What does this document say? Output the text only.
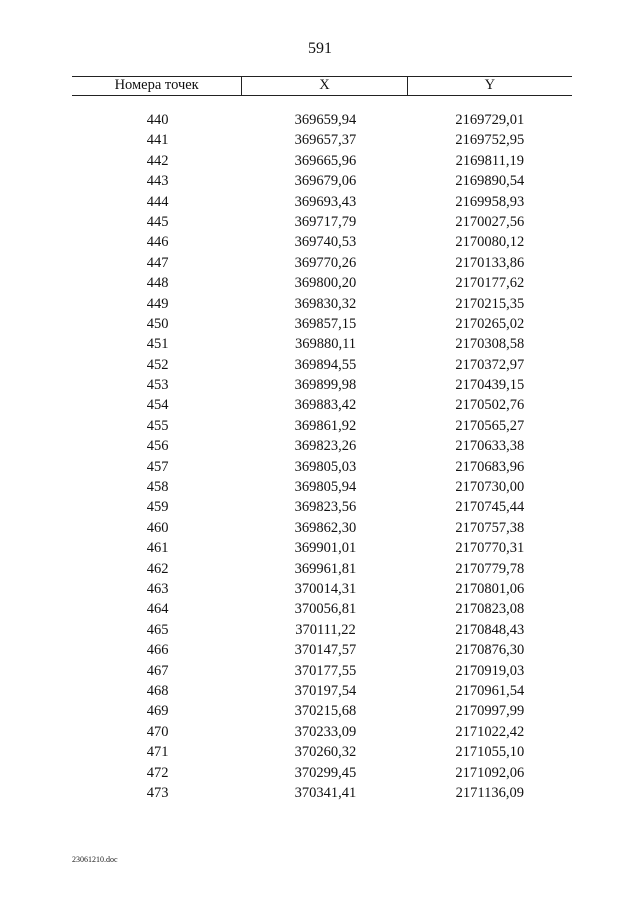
591
Номера точек	X	Y
440	369659,94	2169729,01
441	369657,37	2169752,95
442	369665,96	2169811,19
443	369679,06	2169890,54
444	369693,43	2169958,93
445	369717,79	2170027,56
446	369740,53	2170080,12
447	369770,26	2170133,86
448	369800,20	2170177,62
449	369830,32	2170215,35
450	369857,15	2170265,02
451	369880,11	2170308,58
452	369894,55	2170372,97
453	369899,98	2170439,15
454	369883,42	2170502,76
455	369861,92	2170565,27
456	369823,26	2170633,38
457	369805,03	2170683,96
458	369805,94	2170730,00
459	369823,56	2170745,44
460	369862,30	2170757,38
461	369901,01	2170770,31
462	369961,81	2170779,78
463	370014,31	2170801,06
464	370056,81	2170823,08
465	370111,22	2170848,43
466	370147,57	2170876,30
467	370177,55	2170919,03
468	370197,54	2170961,54
469	370215,68	2170997,99
470	370233,09	2171022,42
471	370260,32	2171055,10
472	370299,45	2171092,06
473	370341,41	2171136,09
23061210.doc
